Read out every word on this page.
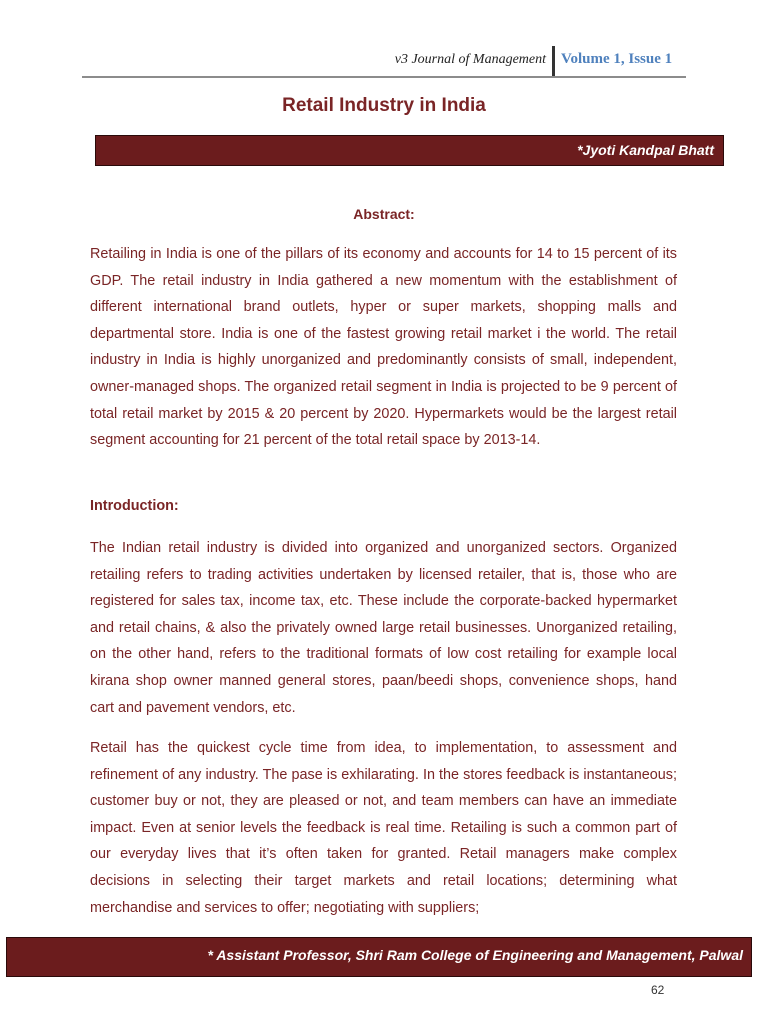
v3 Journal of Management Volume 1, Issue 1
Retail Industry in India
*Jyoti Kandpal Bhatt
Abstract:

Retailing in India is one of the pillars of its economy and accounts for 14 to 15 percent of its GDP. The retail industry in India gathered a new momentum with the establishment of different international brand outlets, hyper or super markets, shopping malls and departmental store. India is one of the fastest growing retail market i the world. The retail industry in India is highly unorganized and predominantly consists of small, independent, owner-managed shops. The organized retail segment in India is projected to be 9 percent of total retail market by 2015 & 20 percent by 2020. Hypermarkets would be the largest retail segment accounting for 21 percent of the total retail space by 2013-14.

Introduction:

The Indian retail industry is divided into organized and unorganized sectors. Organized retailing refers to trading activities undertaken by licensed retailer, that is, those who are registered for sales tax, income tax, etc. These include the corporate-backed hypermarket and retail chains, & also the privately owned large retail businesses. Unorganized retailing, on the other hand, refers to the traditional formats of low cost retailing for example local kirana shop owner manned general stores, paan/beedi shops, convenience shops, hand cart and pavement vendors, etc.

Retail has the quickest cycle time from idea, to implementation, to assessment and refinement of any industry. The pase is exhilarating. In the stores feedback is instantaneous; customer buy or not, they are pleased or not, and team members can have an immediate impact. Even at senior levels the feedback is real time. Retailing is such a common part of our everyday lives that it’s often taken for granted. Retail managers make complex decisions in selecting their target markets and retail locations; determining what merchandise and services to offer; negotiating with suppliers;

* Assistant Professor, Shri Ram College of Engineering and Management, Palwal
62
